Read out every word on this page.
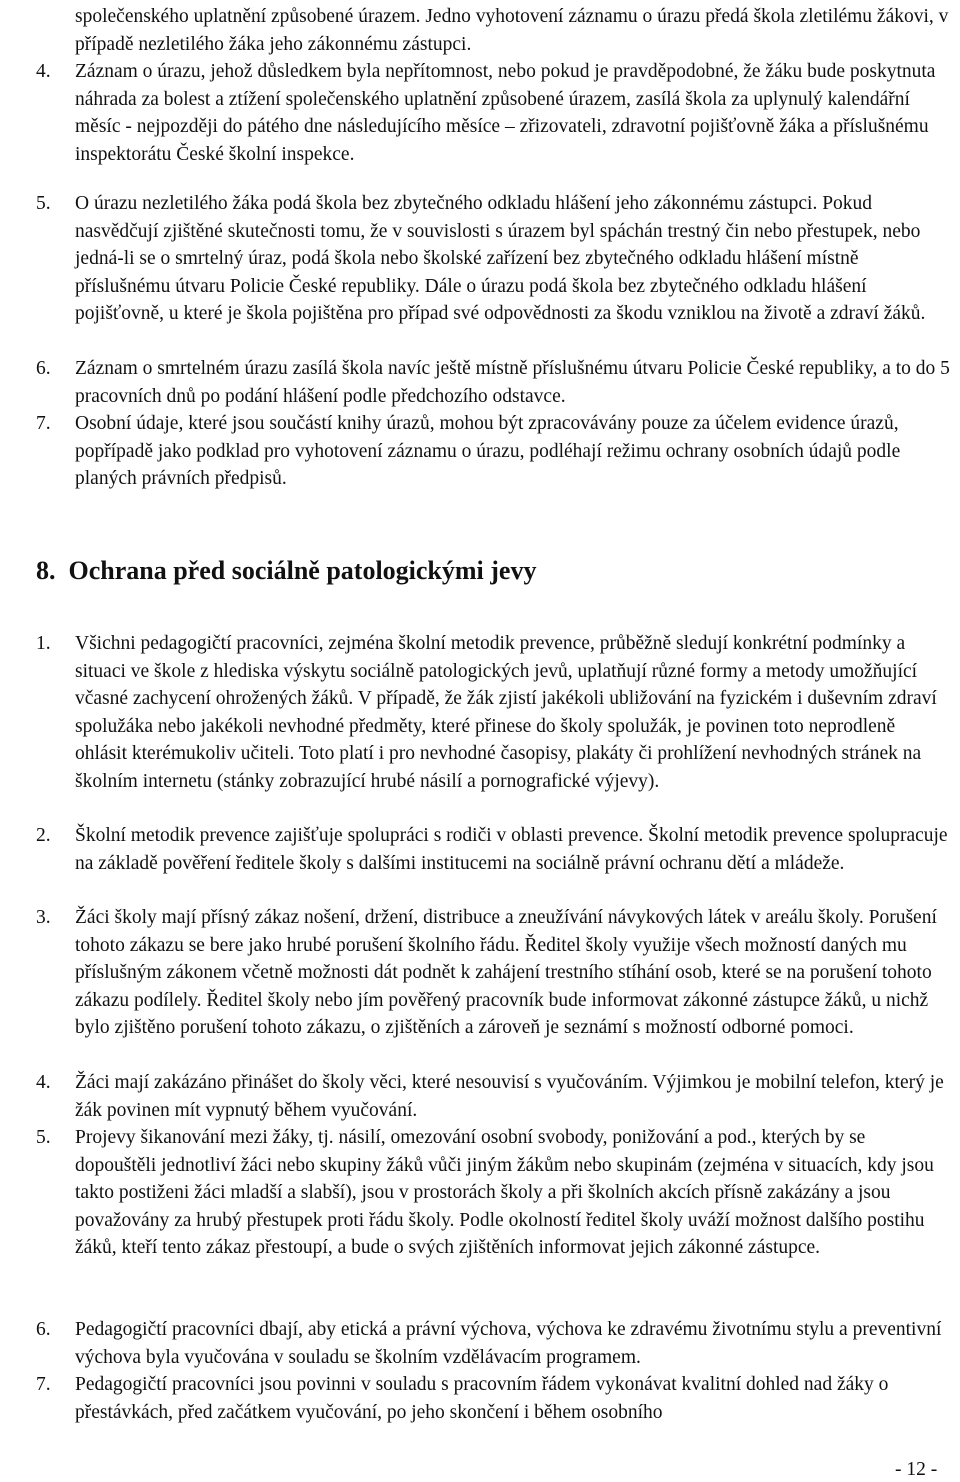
společenského uplatnění způsobené úrazem. Jedno vyhotovení záznamu o úrazu předá škola zletilému žákovi, v případě nezletilého žáka jeho zákonnému zástupci.
4.	Záznam o úrazu, jehož důsledkem byla nepřítomnost, nebo pokud je pravděpodobné, že žáku bude poskytnuta náhrada za bolest a ztížení společenského uplatnění způsobené úrazem, zasílá škola za uplynulý kalendářní měsíc - nejpozději do pátého dne následujícího měsíce – zřizovateli, zdravotní pojišťovně žáka a příslušnému inspektorátu České školní inspekce.
5.	O úrazu nezletilého žáka podá škola bez zbytečného odkladu hlášení jeho zákonnému zástupci. Pokud nasvědčují zjištěné skutečnosti tomu, že v souvislosti s úrazem byl spáchán trestný čin nebo přestupek, nebo jedná-li se o smrtelný úraz, podá škola nebo školské zařízení bez zbytečného odkladu hlášení místně příslušnému útvaru Policie České republiky. Dále o úrazu podá škola bez zbytečného odkladu hlášení pojišťovně, u které je škola pojištěna pro případ své odpovědnosti za škodu vzniklou na životě a zdraví žáků.
6.	Záznam o smrtelném úrazu zasílá škola navíc ještě místně příslušnému útvaru Policie České republiky, a to do 5 pracovních dnů po podání hlášení podle předchozího odstavce.
7.	Osobní údaje, které jsou součástí knihy úrazů, mohou být zpracovávány pouze za účelem evidence úrazů, popřípadě jako podklad pro vyhotovení záznamu o úrazu, podléhají režimu ochrany osobních údajů podle planých právních předpisů.
8. Ochrana před sociálně patologickými jevy
1.	Všichni pedagogičtí pracovníci, zejména školní metodik prevence, průběžně sledují konkrétní podmínky a situaci ve škole z hlediska výskytu sociálně patologických jevů, uplatňují různé formy a metody umožňující včasné zachycení ohrožených žáků. V případě, že žák zjistí jakékoli ubližování na fyzickém i duševním zdraví spolužáka nebo jakékoli nevhodné předměty, které přinese do školy spolužák, je povinen toto neprodleně ohlásit kterémukoliv učiteli. Toto platí i pro nevhodné časopisy, plakáty či prohlížení nevhodných stránek na školním internetu (stánky zobrazující hrubé násilí a pornografické výjevy).
2.	Školní metodik prevence zajišťuje spolupráci s rodiči v oblasti prevence. Školní metodik prevence spolupracuje na základě pověření ředitele školy s dalšími institucemi na sociálně právní ochranu dětí a mládeže.
3.	Žáci školy mají přísný zákaz nošení, držení, distribuce a zneužívání návykových látek v areálu školy. Porušení tohoto zákazu se bere jako hrubé porušení školního řádu. Ředitel školy využije všech možností daných mu příslušným zákonem včetně možnosti dát podnět k zahájení trestního stíhání osob, které se na porušení tohoto zákazu podílely. Ředitel školy nebo jím pověřený pracovník bude informovat zákonné zástupce žáků, u nichž bylo zjištěno porušení tohoto zákazu, o zjištěních a zároveň je seznámí s možností odborné pomoci.
4.	Žáci mají zakázáno přinášet do školy věci, které nesouvisí s vyučováním. Výjimkou je mobilní telefon, který je žák povinen mít vypnutý během vyučování.
5.	Projevy šikanování mezi žáky, tj. násilí, omezování osobní svobody, ponižování a pod., kterých by se dopouštěli jednotliví žáci nebo skupiny žáků vůči jiným žákům nebo skupinám (zejména v situacích, kdy jsou takto postiženi žáci mladší a slabší), jsou v prostorách školy a při školních akcích přísně zakázány a jsou považovány za hrubý přestupek proti řádu školy. Podle okolností ředitel školy uváží možnost dalšího postihu žáků, kteří tento zákaz přestoupí, a bude o svých zjištěních informovat jejich zákonné zástupce.
6.	Pedagogičtí pracovníci dbají, aby etická a právní výchova, výchova ke zdravému životnímu stylu a preventivní výchova byla vyučována v souladu se školním vzdělávacím programem.
7.	Pedagogičtí pracovníci jsou povinni v souladu s pracovním řádem vykonávat kvalitní dohled nad žáky o přestávkách, před začátkem vyučování, po jeho skončení i během osobního
- 12 -
